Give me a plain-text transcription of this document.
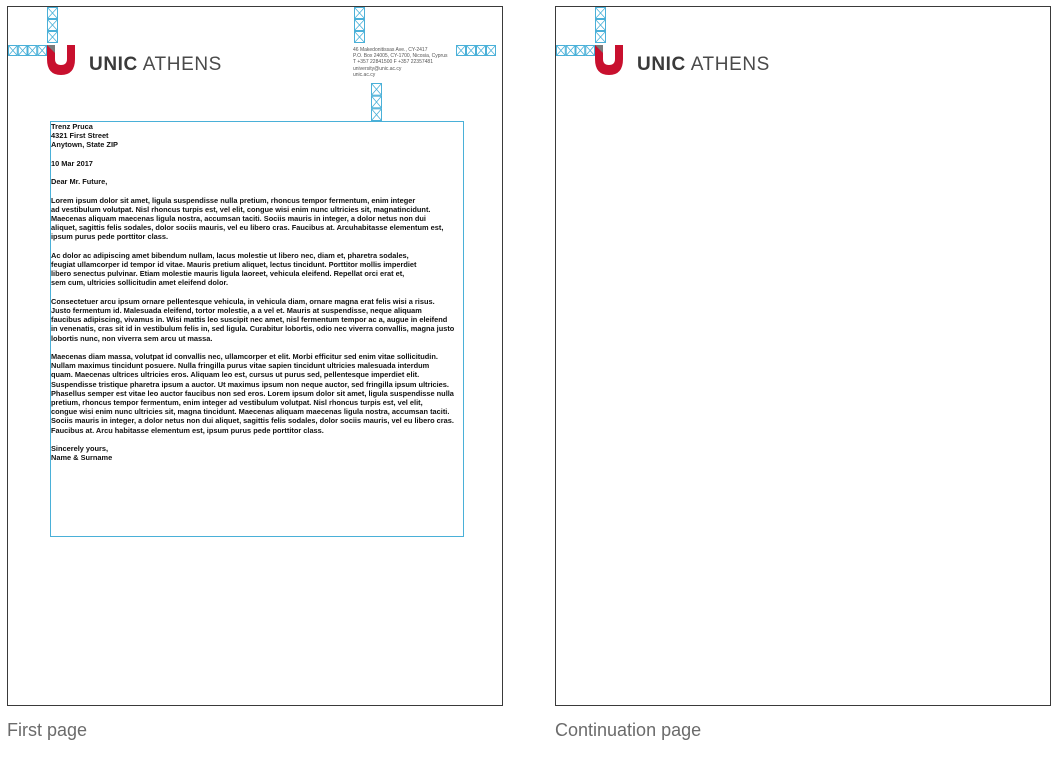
UNIC ATHENS
46 Makedonitissas Ave., CY-2417
P.O. Box 24005, CY-1700, Nicosia, Cyprus
T +357 22841500 F +357 22357481
university@unic.ac.cy
unic.ac.cy
Trenz Pruca
4321 First Street
Anytown, State ZIP
10 Mar 2017
Dear Mr. Future,
Lorem ipsum dolor sit amet, ligula suspendisse nulla pretium, rhoncus tempor fermentum, enim integer
ad vestibulum volutpat. Nisl rhoncus turpis est, vel elit, congue wisi enim nunc ultricies sit, magnatincidunt.
Maecenas aliquam maecenas ligula nostra, accumsan taciti. Sociis mauris in integer, a dolor netus non dui
aliquet, sagittis felis sodales, dolor sociis mauris, vel eu libero cras. Faucibus at. Arcuhabitasse elementum est,
ipsum purus pede porttitor class.
Ac dolor ac adipiscing amet bibendum nullam, lacus molestie ut libero nec, diam et, pharetra sodales,
feugiat ullamcorper id tempor id vitae. Mauris pretium aliquet, lectus tincidunt. Porttitor mollis imperdiet
libero senectus pulvinar. Etiam molestie mauris ligula laoreet, vehicula eleifend. Repellat orci erat et,
sem cum, ultricies sollicitudin amet eleifend dolor.
Consectetuer arcu ipsum ornare pellentesque vehicula, in vehicula diam, ornare magna erat felis wisi a risus.
Justo fermentum id. Malesuada eleifend, tortor molestie, a a vel et. Mauris at suspendisse, neque aliquam
faucibus adipiscing, vivamus in. Wisi mattis leo suscipit nec amet, nisl fermentum tempor ac a, augue in eleifend
in venenatis, cras sit id in vestibulum felis in, sed ligula. Curabitur lobortis, odio nec viverra convallis, magna justo
lobortis nunc, non viverra sem arcu ut massa.
Maecenas diam massa, volutpat id convallis nec, ullamcorper et elit. Morbi efficitur sed enim vitae sollicitudin.
Nullam maximus tincidunt posuere. Nulla fringilla purus vitae sapien tincidunt ultricies malesuada interdum
quam. Maecenas ultrices ultricies eros. Aliquam leo est, cursus ut purus sed, pellentesque imperdiet elit.
Suspendisse tristique pharetra ipsum a auctor. Ut maximus ipsum non neque auctor, sed fringilla ipsum ultricies.
Phasellus semper est vitae leo auctor faucibus non sed eros. Lorem ipsum dolor sit amet, ligula suspendisse nulla
pretium, rhoncus tempor fermentum, enim integer ad vestibulum volutpat. Nisl rhoncus turpis est, vel elit,
congue wisi enim nunc ultricies sit, magna tincidunt. Maecenas aliquam maecenas ligula nostra, accumsan taciti.
Sociis mauris in integer, a dolor netus non dui aliquet, sagittis felis sodales, dolor sociis mauris, vel eu libero cras.
Faucibus at. Arcu habitasse elementum est, ipsum purus pede porttitor class.
Sincerely yours,
Name & Surname
UNIC ATHENS
First page	Continuation page
